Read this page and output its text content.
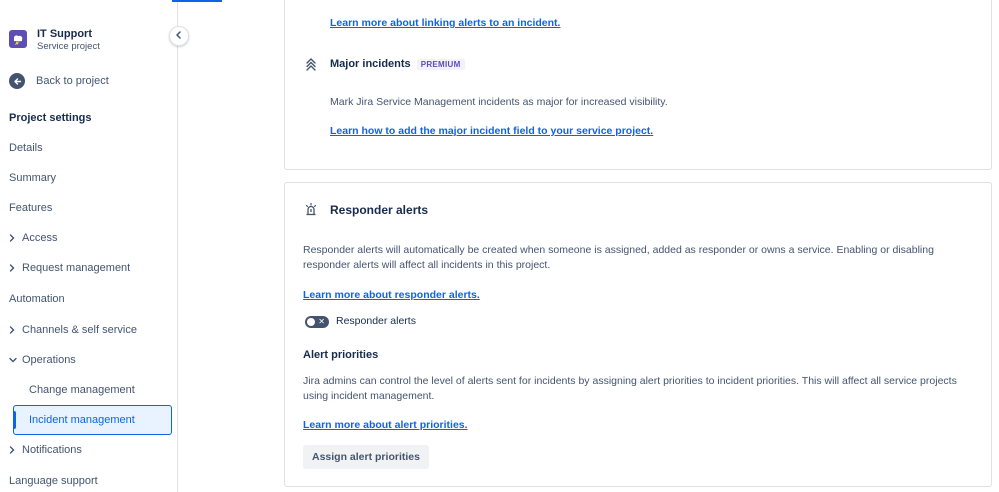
IT Support
Service project
Back to project
Project settings
Details
Summary
Features
Access
Request management
Automation
Channels & self service
Operations
Change management
Incident management
Notifications
Language support
Learn more about linking alerts to an incident.
Major incidents	PREMIUM
Mark Jira Service Management incidents as major for increased visibility.
Learn how to add the major incident field to your service project.
Responder alerts
Responder alerts will automatically be created when someone is assigned, added as responder or owns a service. Enabling or disabling
responder alerts will affect all incidents in this project.
Learn more about responder alerts.
✕ Responder alerts
Alert priorities
Jira admins can control the level of alerts sent for incidents by assigning alert priorities to incident priorities. This will affect all service projects
using incident management.
Learn more about alert priorities.
Assign alert priorities
